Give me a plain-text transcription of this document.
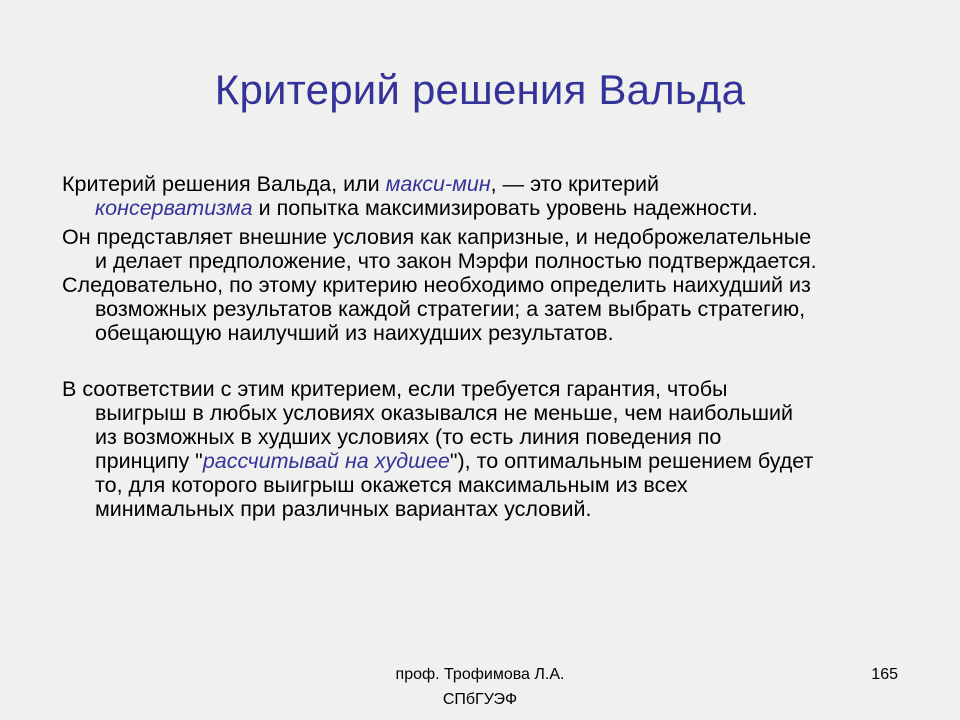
Критерий решения Вальда

Критерий решения Вальда, или макси-мин, — это критерий
консерватизма и попытка максимизировать уровень надежности.

Он представляет внешние условия как капризные, и недоброжелательные
и делает предположение, что закон Мэрфи полностью подтверждается.

Следовательно, по этому критерию необходимо определить наихудший из
возможных результатов каждой стратегии; а затем выбрать стратегию,
обещающую наилучший из наихудших результатов.

В соответствии с этим критерием, если требуется гарантия, чтобы
выигрыш в любых условиях оказывался не меньше, чем наибольший
из возможных в худших условиях (то есть линия поведения по
принципу "рассчитывай на худшее"), то оптимальным решением будет
то, для которого выигрыш окажется максимальным из всех
минимальных при различных вариантах условий.

проф. Трофимова Л.А.
СПбГУЭФ
165
